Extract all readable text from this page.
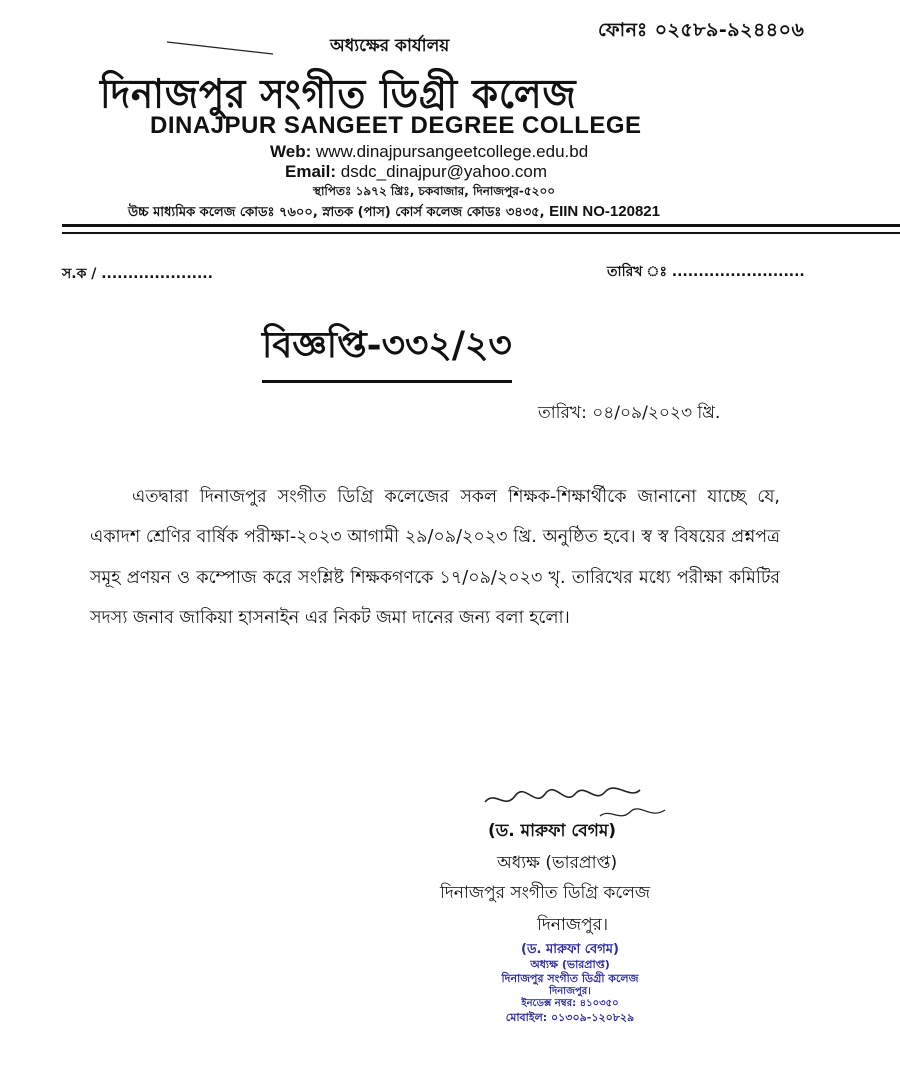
অধ্যক্ষের কার্যালয়
ফোনঃ ০২৫৮৯-৯২৪৪০৬
দিনাজপুর সংগীত ডিগ্রী কলেজ
DINAJPUR SANGEET DEGREE COLLEGE
Web: www.dinajpursangeetcollege.edu.bd
Email: dsdc_dinajpur@yahoo.com
স্থাপিতঃ ১৯৭২ খ্রিঃ, চকবাজার, দিনাজপুর-৫২০০
উচ্চ মাধ্যমিক কলেজ কোডঃ ৭৬০০, স্নাতক (পাস) কোর্স কলেজ কোডঃ ৩৪৩৫, EIIN NO-120821
স.ক / .....................	তারিখ ঃ .........................
বিজ্ঞপ্তি-৩৩২/২৩
তারিখ: ০৪/০৯/২০২৩ খ্রি.
এতদ্বারা দিনাজপুর সংগীত ডিগ্রি কলেজের সকল শিক্ষক-শিক্ষার্থীকে জানানো যাচ্ছে যে, একাদশ শ্রেণির বার্ষিক পরীক্ষা-২০২৩ আগামী ২৯/০৯/২০২৩ খ্রি. অনুষ্ঠিত হবে। স্ব স্ব বিষয়ের প্রশ্নপত্র সমূহ প্রণয়ন ও কম্পোজ করে সংশ্লিষ্ট শিক্ষকগণকে ১৭/০৯/২০২৩ খৃ. তারিখের মধ্যে পরীক্ষা কমিটির সদস্য জনাব জাকিয়া হাসনাইন এর নিকট জমা দানের জন্য বলা হলো।
(ড. মারুফা বেগম)
অধ্যক্ষ (ভারপ্রাপ্ত)
দিনাজপুর সংগীত ডিগ্রি কলেজ
দিনাজপুর।
(ড. মারুফা বেগম)
অধ্যক্ষ (ভারপ্রাপ্ত)
দিনাজপুর সংগীত ডিগ্রী কলেজ
দিনাজপুর।
ইনডেক্স নম্বর: ৪১০৩৫০
মোবাইল: ০১৩০৯-১২০৮২৯
